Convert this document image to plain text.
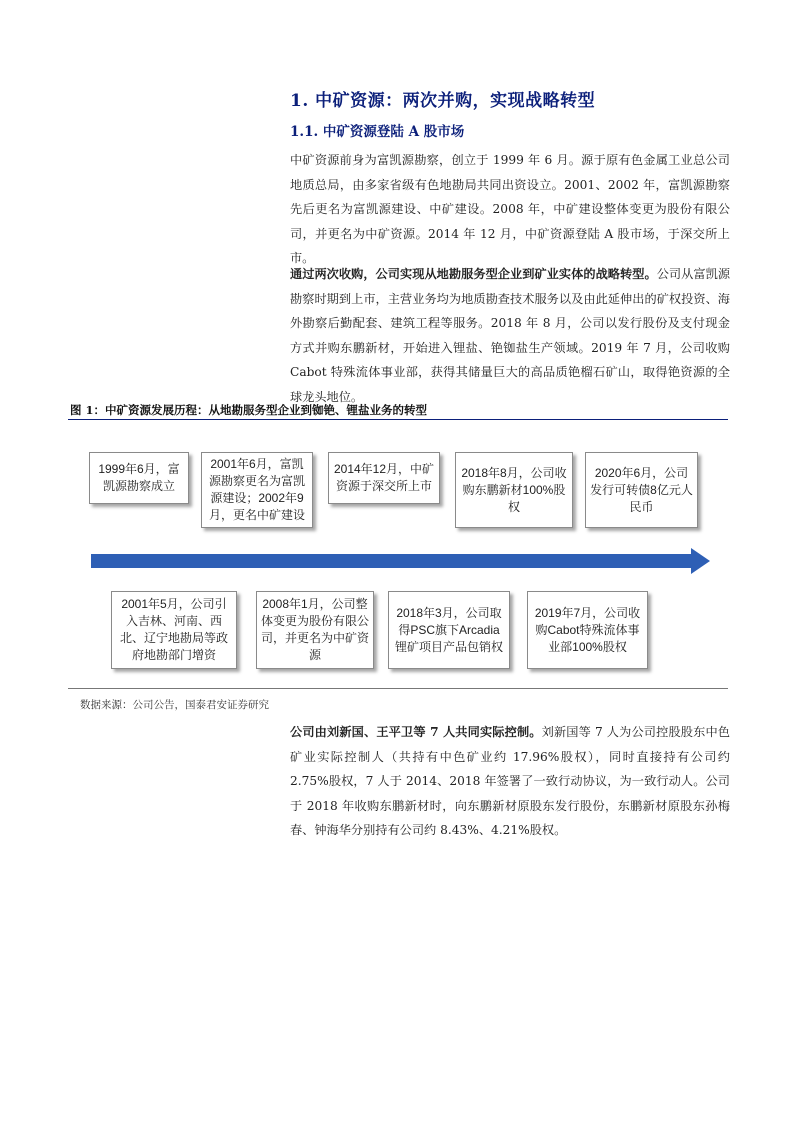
1. 中矿资源：两次并购，实现战略转型
1.1. 中矿资源登陆 A 股市场
中矿资源前身为富凯源勘察，创立于 1999 年 6 月。源于原有色金属工业总公司地质总局，由多家省级有色地勘局共同出资设立。2001、2002 年，富凯源勘察先后更名为富凯源建设、中矿建设。2008 年，中矿建设整体变更为股份有限公司，并更名为中矿资源。2014 年 12 月，中矿资源登陆 A 股市场，于深交所上市。
通过两次收购，公司实现从地勘服务型企业到矿业实体的战略转型。公司从富凯源勘察时期到上市，主营业务均为地质勘查技术服务以及由此延伸出的矿权投资、海外勘察后勤配套、建筑工程等服务。2018 年 8 月，公司以发行股份及支付现金方式并购东鹏新材，开始进入锂盐、铯铷盐生产领域。2019 年 7 月，公司收购 Cabot 特殊流体事业部，获得其储量巨大的高品质铯榴石矿山，取得铯资源的全球龙头地位。
图 1：中矿资源发展历程：从地勘服务型企业到铷铯、锂盐业务的转型
1999年6月，富凯源勘察成立
2001年6月，富凯源勘察更名为富凯源建设；2002年9月，更名中矿建设
2014年12月，中矿资源于深交所上市
2018年8月，公司收购东鹏新材100%股权
2020年6月，公司发行可转债8亿元人民币
2001年5月，公司引入吉林、河南、西北、辽宁地勘局等政府地勘部门增资
2008年1月，公司整体变更为股份有限公司，并更名为中矿资源
2018年3月，公司取得PSC旗下Arcadia锂矿项目产品包销权
2019年7月，公司收购Cabot特殊流体事业部100%股权
数据来源：公司公告，国泰君安证券研究
公司由刘新国、王平卫等 7 人共同实际控制。刘新国等 7 人为公司控股股东中色矿业实际控制人（共持有中色矿业约 17.96%股权），同时直接持有公司约 2.75%股权，7 人于 2014、2018 年签署了一致行动协议，为一致行动人。公司于 2018 年收购东鹏新材时，向东鹏新材原股东发行股份，东鹏新材原股东孙梅春、钟海华分别持有公司约 8.43%、4.21%股权。
